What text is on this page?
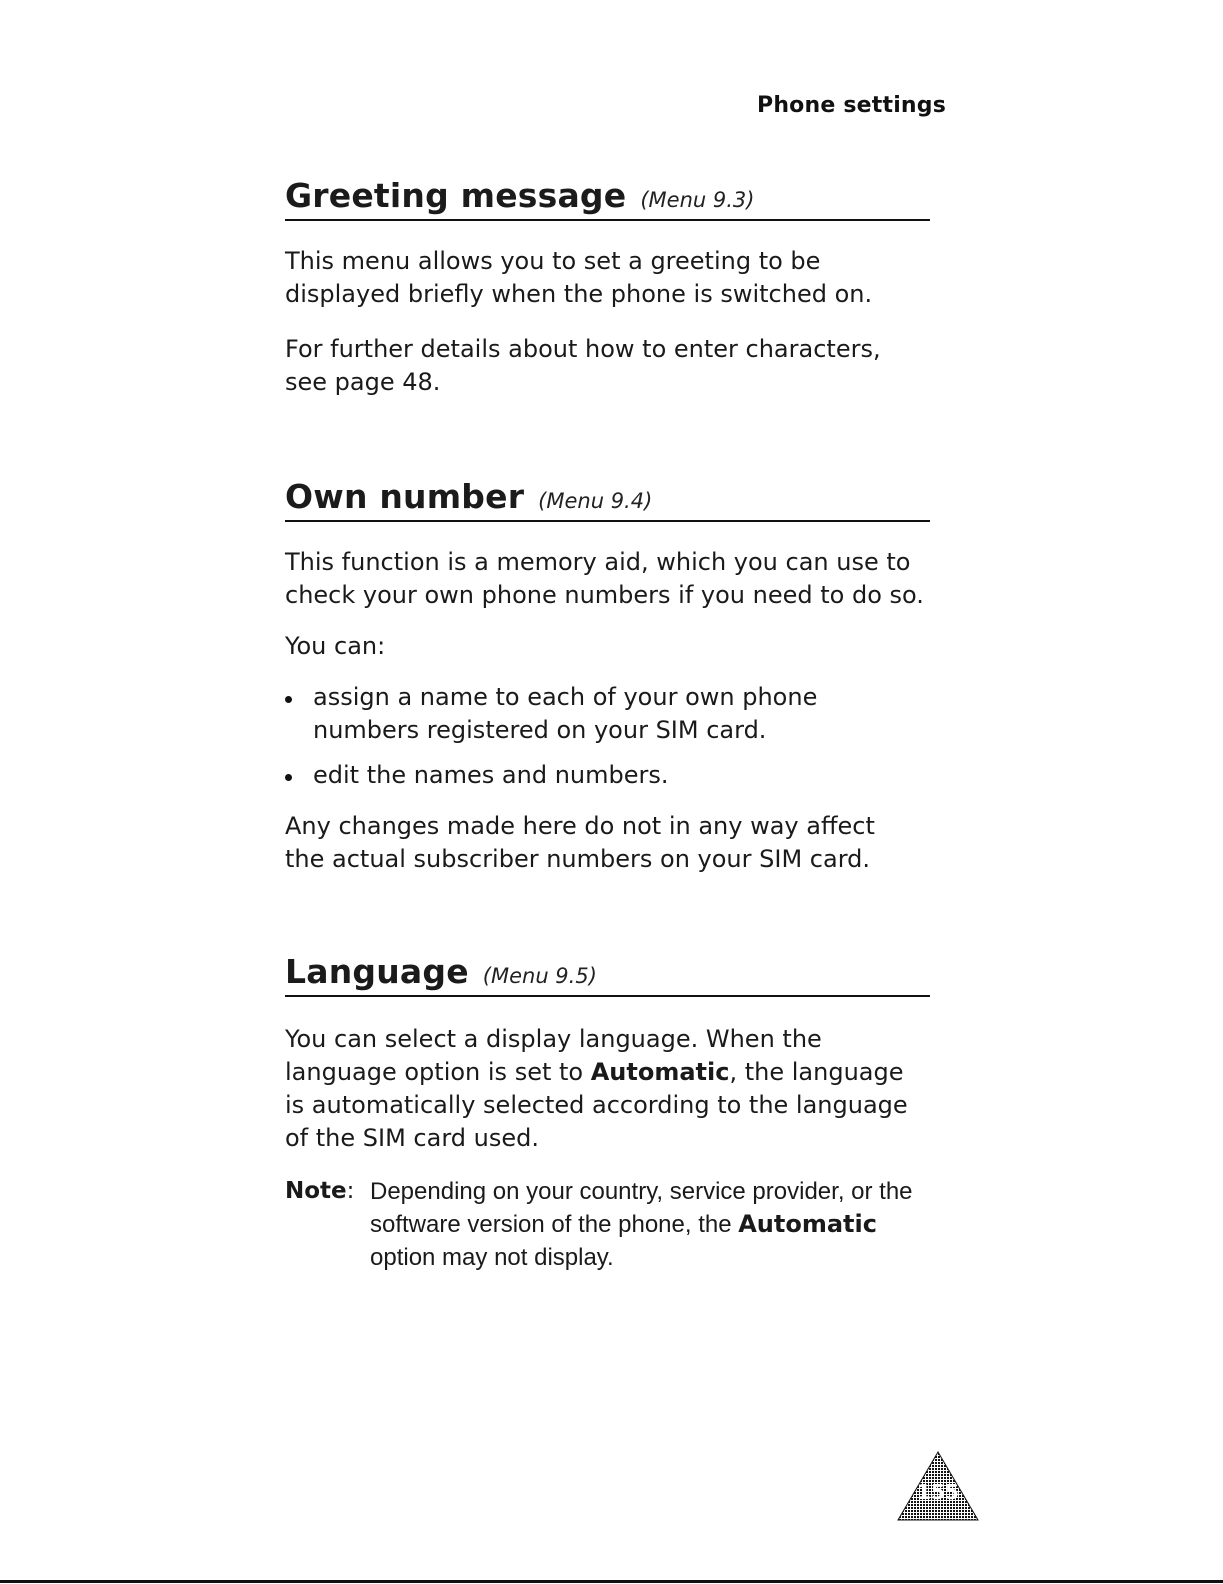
Phone settings
Greeting message (Menu 9.3)

This menu allows you to set a greeting to be displayed briefly when the phone is switched on.

For further details about how to enter characters, see page 48.

Own number (Menu 9.4)

This function is a memory aid, which you can use to check your own phone numbers if you need to do so.

You can:

assign a name to each of your own phone numbers registered on your SIM card.
edit the names and numbers.

Any changes made here do not in any way affect the actual subscriber numbers on your SIM card.

Language (Menu 9.5)

You can select a display language. When the language option is set to Automatic, the language is automatically selected according to the language of the SIM card used.

Note: Depending on your country, service provider, or the software version of the phone, the Automatic option may not display.
155
